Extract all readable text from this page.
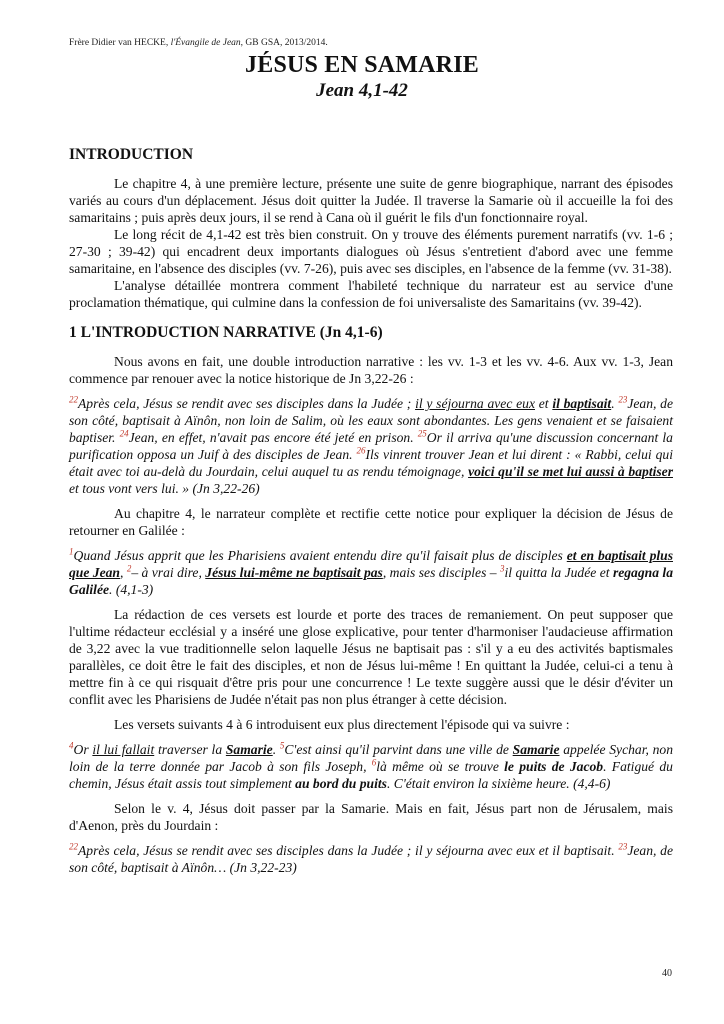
Frère Didier van HECKE, l'Évangile de Jean, GB GSA, 2013/2014.
JÉSUS EN SAMARIE
Jean 4,1-42
INTRODUCTION

Le chapitre 4, à une première lecture, présente une suite de genre biographique, narrant des épisodes variés au cours d'un déplacement. Jésus doit quitter la Judée. Il traverse la Samarie où il accueille la foi des samaritains ; puis après deux jours, il se rend à Cana où il guérit le fils d'un fonctionnaire royal.

Le long récit de 4,1-42 est très bien construit. On y trouve des éléments purement narratifs (vv. 1-6 ; 27-30 ; 39-42) qui encadrent deux importants dialogues où Jésus s'entretient d'abord avec une femme samaritaine, en l'absence des disciples (vv. 7-26), puis avec ses disciples, en l'absence de la femme (vv. 31-38).

L'analyse détaillée montrera comment l'habileté technique du narrateur est au service d'une proclamation thématique, qui culmine dans la confession de foi universaliste des Samaritains (vv. 39-42).

1 L'INTRODUCTION NARRATIVE (Jn 4,1-6)

Nous avons en fait, une double introduction narrative : les vv. 1-3 et les vv. 4-6. Aux vv. 1-3, Jean commence par renouer avec la notice historique de Jn 3,22-26 :

$^{22}$Après cela, Jésus se rendit avec ses disciples dans la Judée ; il y séjourna avec eux et il baptisait. $^{23}$Jean, de son côté, baptisait à Aïnôn, non loin de Salim, où les eaux sont abondantes. Les gens venaient et se faisaient baptiser. $^{24}$Jean, en effet, n'avait pas encore été jeté en prison. $^{25}$Or il arriva qu'une discussion concernant la purification opposa un Juif à des disciples de Jean. $^{26}$Ils vinrent trouver Jean et lui dirent : « Rabbi, celui qui était avec toi au-delà du Jourdain, celui auquel tu as rendu témoignage, voici qu'il se met lui aussi à baptiser et tous vont vers lui. » (Jn 3,22-26)

Au chapitre 4, le narrateur complète et rectifie cette notice pour expliquer la décision de Jésus de retourner en Galilée :

$^1$Quand Jésus apprit que les Pharisiens avaient entendu dire qu'il faisait plus de disciples et en baptisait plus que Jean, $^2$– à vrai dire, Jésus lui-même ne baptisait pas, mais ses disciples – $^3$il quitta la Judée et regagna la Galilée. (4,1-3)

La rédaction de ces versets est lourde et porte des traces de remaniement. On peut supposer que l'ultime rédacteur ecclésial y a inséré une glose explicative, pour tenter d'harmoniser l'audacieuse affirmation de 3,22 avec la vue traditionnelle selon laquelle Jésus ne baptisait pas : s'il y a eu des activités baptismales parallèles, ce doit être le fait des disciples, et non de Jésus lui-même ! En quittant la Judée, celui-ci a tenu à mettre fin à ce qui risquait d'être pris pour une concurrence ! Le texte suggère aussi que le désir d'éviter un conflit avec les Pharisiens de Judée n'était pas non plus étranger à cette décision.

Les versets suivants 4 à 6 introduisent eux plus directement l'épisode qui va suivre :

$^4$Or il lui fallait traverser la Samarie. $^5$C'est ainsi qu'il parvint dans une ville de Samarie appelée Sychar, non loin de la terre donnée par Jacob à son fils Joseph, $^6$là même où se trouve le puits de Jacob. Fatigué du chemin, Jésus était assis tout simplement au bord du puits. C'était environ la sixième heure. (4,4-6)

Selon le v. 4, Jésus doit passer par la Samarie. Mais en fait, Jésus part non de Jérusalem, mais d'Aenon, près du Jourdain :

$^{22}$Après cela, Jésus se rendit avec ses disciples dans la Judée ; il y séjourna avec eux et il baptisait. $^{23}$Jean, de son côté, baptisait à Aïnôn… (Jn 3,22-23)
40
